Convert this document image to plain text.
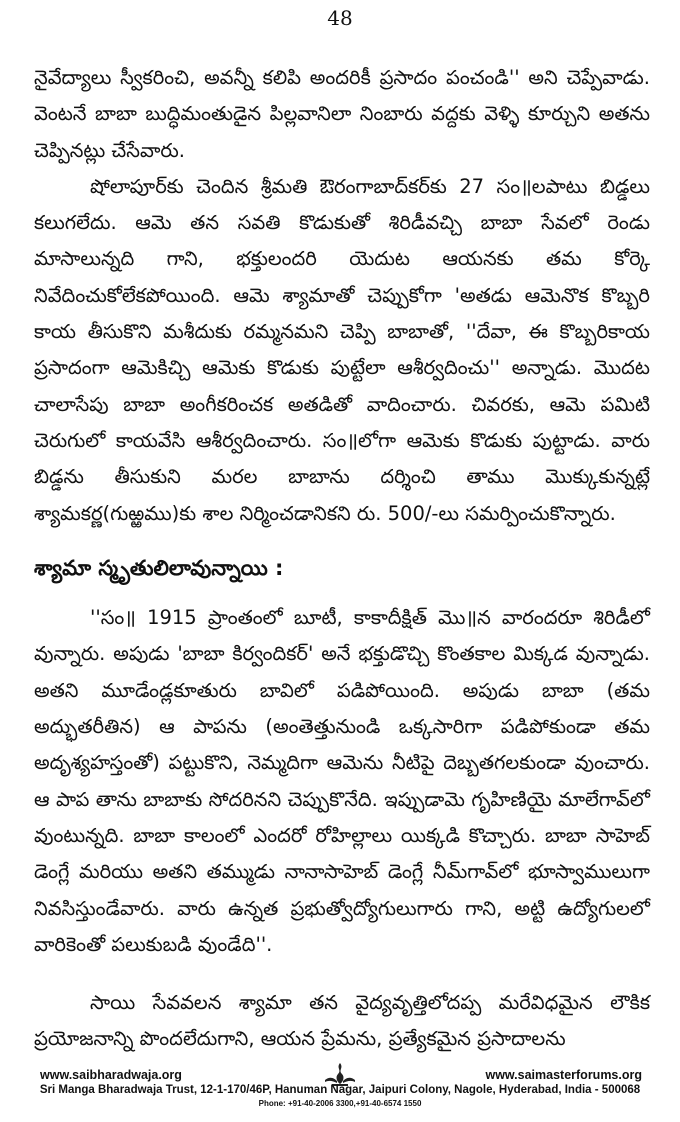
48

నైవేద్యాలు స్వీకరించి, అవన్నీ కలిపి అందరికీ ప్రసాదం పంచండి'' అని చెప్పేవాడు. వెంటనే బాబా బుద్ధిమంతుడైన పిల్లవానిలా నింబారు వద్దకు వెళ్ళి కూర్చుని అతను చెప్పినట్లు చేసేవారు.

షోలాపూర్‌కు చెందిన శ్రీమతి ఔరంగాబాద్‌కర్‌కు 27 సం॥లపాటు బిడ్డలు కలుగలేదు. ఆమె తన సవతి కొడుకుతో శిరిడీవచ్చి బాబా సేవలో రెండు మాసాలున్నది గాని, భక్తులందరి యెదుట ఆయనకు తమ కోర్కె నివేదించుకోలేకపోయింది. ఆమె శ్యామాతో చెప్పుకోగా 'అతడు ఆమెనొక కొబ్బరి కాయ తీసుకొని మశీదుకు రమ్మనమని చెప్పి బాబాతో, ''దేవా, ఈ కొబ్బరికాయ ప్రసాదంగా ఆమెకిచ్చి ఆమెకు కొడుకు పుట్టేలా ఆశీర్వదించు'' అన్నాడు. మొదట చాలాసేపు బాబా అంగీకరించక అతడితో వాదించారు. చివరకు, ఆమె పమిటి చెరుగులో కాయవేసి ఆశీర్వదించారు. సం॥లోగా ఆమెకు కొడుకు పుట్టాడు. వారు బిడ్డను తీసుకుని మరల బాబాను దర్శించి తాము మొక్కుకున్నట్లే శ్యామకర్ణ(గుఱ్ఱము)కు శాల నిర్మించడానికని రు. 500/-లు సమర్పించుకొన్నారు.

శ్యామా స్మృతులిలావున్నాయి :

''సం॥ 1915 ప్రాంతంలో బూటీ, కాకాదీక్షిత్ మొ॥న వారందరూ శిరిడీలో వున్నారు. అపుడు 'బాబా కిర్వందికర్' అనే భక్తుడొచ్చి కొంతకాల మిక్కడ వున్నాడు. అతని మూడేండ్లకూతురు బావిలో పడిపోయింది. అపుడు బాబా (తమ అద్భుతరీతిన) ఆ పాపను (అంతెత్తునుండి ఒక్కసారిగా పడిపోకుండా తమ అదృశ్యహస్తంతో) పట్టుకొని, నెమ్మదిగా ఆమెను నీటిపై దెబ్బతగలకుండా వుంచారు. ఆ పాప తాను బాబాకు సోదరినని చెప్పుకొనేది. ఇప్పుడామె గృహిణియై మాలేగావ్‌లో వుంటున్నది. బాబా కాలంలో ఎందరో రోహిల్లాలు యిక్కడి కొచ్చారు. బాబా సాహెబ్ డెంగ్లే మరియు అతని తమ్ముడు నానాసాహెబ్ డెంగ్లే నీమ్‌గావ్‌లో భూస్వాములుగా నివసిస్తుండేవారు. వారు ఉన్నత ప్రభుత్వోద్యోగులుగారు గాని, అట్టి ఉద్యోగులలో వారికెంతో పలుకుబడి వుండేది''.

సాయి సేవవలన శ్యామా తన వైద్యవృత్తిలోదప్ప మరేవిధమైన లౌకిక ప్రయోజనాన్ని పొందలేదుగాని, ఆయన ప్రేమను, ప్రత్యేకమైన ప్రసాదాలను

www.saibharadwaja.org	www.saimasterforums.org
Sri Manga Bharadwaja Trust, 12-1-170/46P, Hanuman Nagar, Jaipuri Colony, Nagole, Hyderabad, India - 500068
Phone: +91-40-2006 3300,+91-40-6574 1550
